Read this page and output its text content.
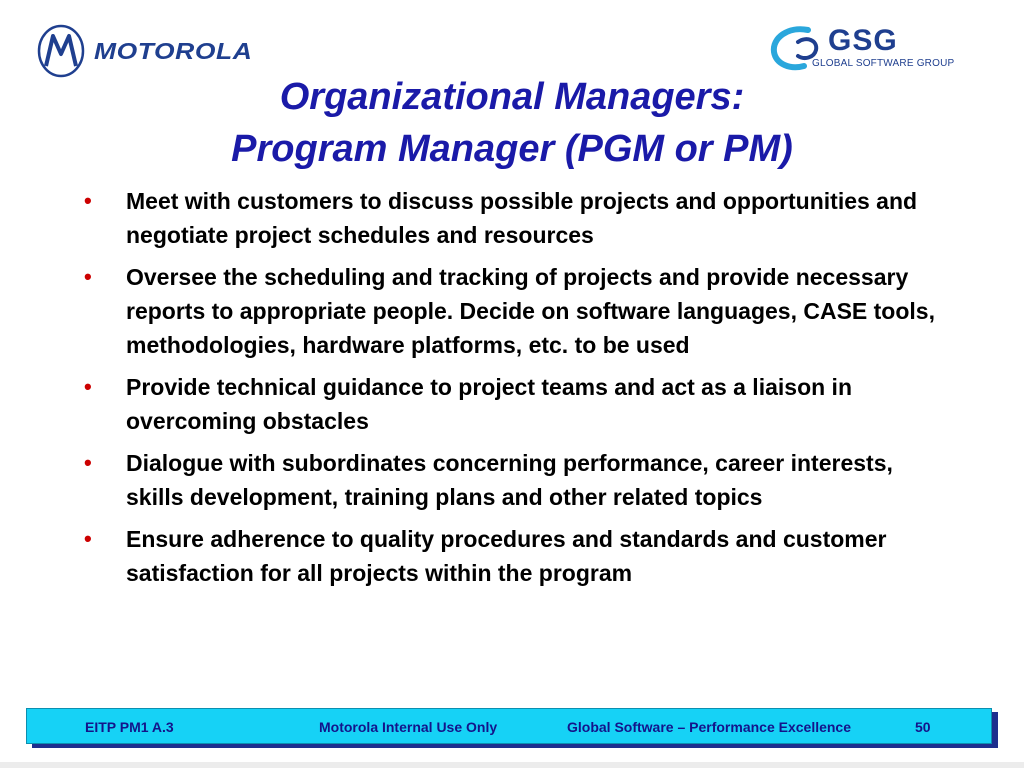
MOTOROLA	GSG
GLOBAL SOFTWARE GROUP
Organizational Managers:
Program Manager (PGM or PM)
• Meet with customers to discuss possible projects and opportunities and negotiate project schedules and resources
• Oversee the scheduling and tracking of projects and provide necessary reports to appropriate people. Decide on software languages, CASE tools, methodologies, hardware platforms, etc. to be used
• Provide technical guidance to project teams and act as a liaison in overcoming obstacles
• Dialogue with subordinates concerning performance, career interests, skills development, training plans and other related topics
• Ensure adherence to quality procedures and standards and customer satisfaction for all projects within the program
EITP PM1 A.3	Motorola Internal Use Only	Global Software – Performance Excellence	50
